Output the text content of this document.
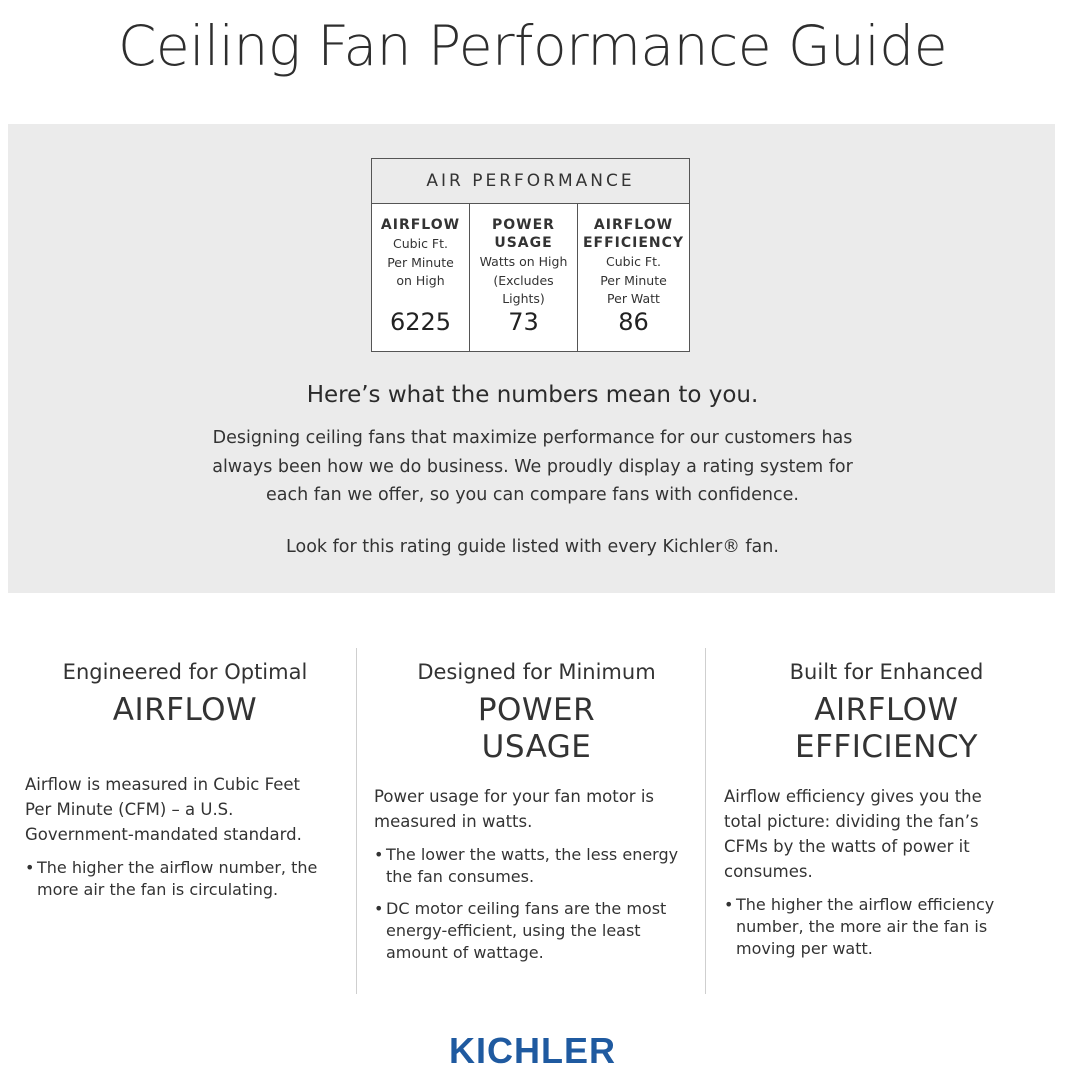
Ceiling Fan Performance Guide
AIR PERFORMANCE
AIRFLOW
Cubic Ft.
Per Minute
on High
6225
POWER
USAGE
Watts on High
(Excludes
Lights)
73
AIRFLOW
EFFICIENCY
Cubic Ft.
Per Minute
Per Watt
86
Here’s what the numbers mean to you.

Designing ceiling fans that maximize performance for our customers has

always been how we do business. We proudly display a rating system for

each fan we offer, so you can compare fans with confidence.

Look for this rating guide listed with every Kichler® fan.
Engineered for Optimal
AIRFLOW

Airflow is measured in Cubic Feet

Per Minute (CFM) – a U.S.

Government-mandated standard.

• The higher the airflow number, the
more air the fan is circulating.
Designed for Minimum
POWER
USAGE

Power usage for your fan motor is

measured in watts.

• The lower the watts, the less energy
the fan consumes.
• DC motor ceiling fans are the most
energy-efficient, using the least
amount of wattage.
Built for Enhanced
AIRFLOW
EFFICIENCY

Airflow efficiency gives you the

total picture: dividing the fan’s

CFMs by the watts of power it

consumes.

• The higher the airflow efficiency
number, the more air the fan is
moving per watt.
KICHLER
